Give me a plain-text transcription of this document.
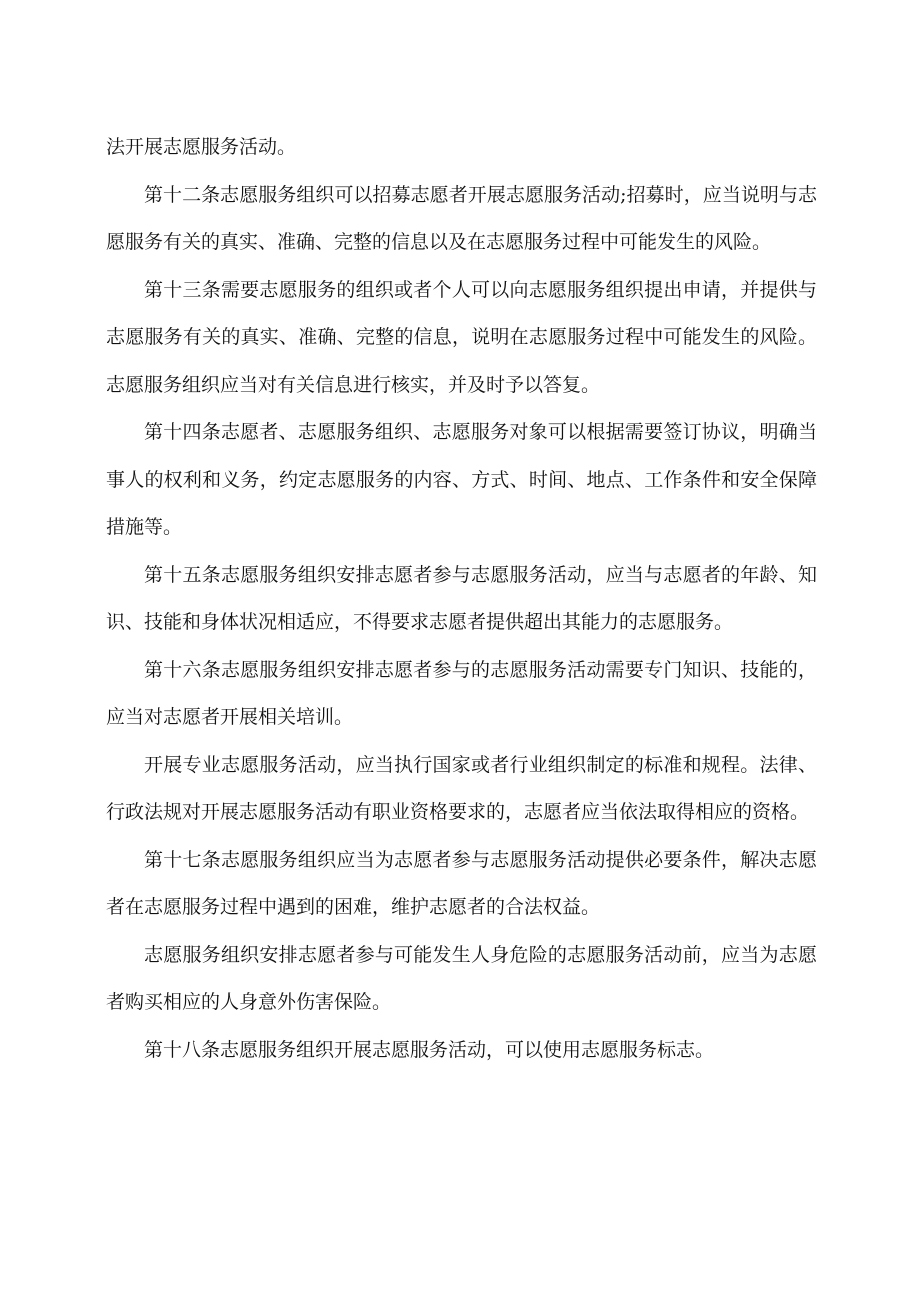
法开展志愿服务活动。

第十二条志愿服务组织可以招募志愿者开展志愿服务活动;招募时，应当说明与志愿服务有关的真实、准确、完整的信息以及在志愿服务过程中可能发生的风险。

第十三条需要志愿服务的组织或者个人可以向志愿服务组织提出申请，并提供与志愿服务有关的真实、准确、完整的信息，说明在志愿服务过程中可能发生的风险。志愿服务组织应当对有关信息进行核实，并及时予以答复。

第十四条志愿者、志愿服务组织、志愿服务对象可以根据需要签订协议，明确当事人的权利和义务，约定志愿服务的内容、方式、时间、地点、工作条件和安全保障措施等。

第十五条志愿服务组织安排志愿者参与志愿服务活动，应当与志愿者的年龄、知识、技能和身体状况相适应，不得要求志愿者提供超出其能力的志愿服务。

第十六条志愿服务组织安排志愿者参与的志愿服务活动需要专门知识、技能的，应当对志愿者开展相关培训。

开展专业志愿服务活动，应当执行国家或者行业组织制定的标准和规程。法律、行政法规对开展志愿服务活动有职业资格要求的，志愿者应当依法取得相应的资格。

第十七条志愿服务组织应当为志愿者参与志愿服务活动提供必要条件，解决志愿者在志愿服务过程中遇到的困难，维护志愿者的合法权益。

志愿服务组织安排志愿者参与可能发生人身危险的志愿服务活动前，应当为志愿者购买相应的人身意外伤害保险。

第十八条志愿服务组织开展志愿服务活动，可以使用志愿服务标志。
